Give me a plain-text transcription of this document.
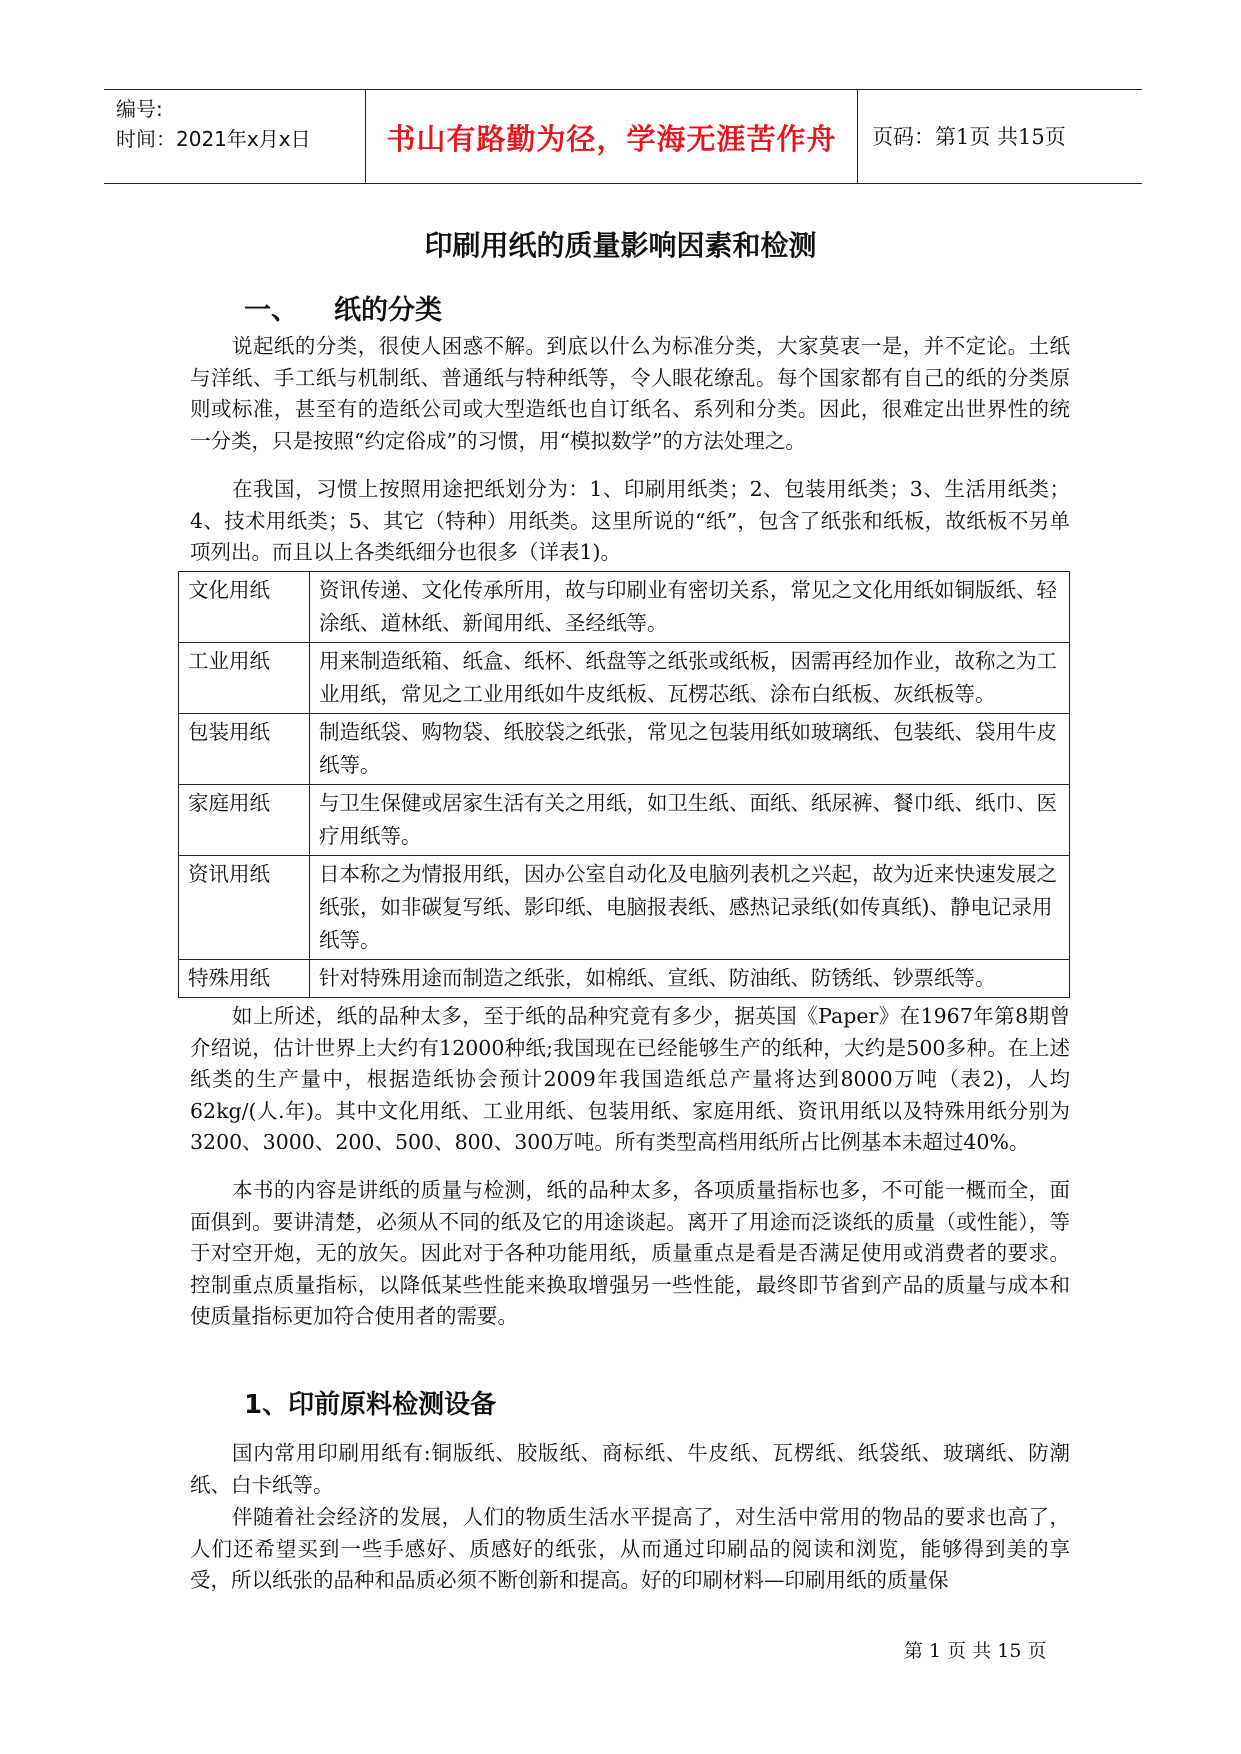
编号:
时间：2021年x月x日	书山有路勤为径，学海无涯苦作舟	页码：第1页 共15页
印刷用纸的质量影响因素和检测
一、 纸的分类

说起纸的分类，很使人困惑不解。到底以什么为标准分类，大家莫衷一是，并不定论。土纸与洋纸、手工纸与机制纸、普通纸与特种纸等，令人眼花缭乱。每个国家都有自己的纸的分类原则或标准，甚至有的造纸公司或大型造纸也自订纸名、系列和分类。因此，很难定出世界性的统一分类，只是按照“约定俗成”的习惯，用“模拟数学”的方法处理之。

在我国，习惯上按照用途把纸划分为：1、印刷用纸类；2、包装用纸类；3、生活用纸类；4、技术用纸类；5、其它（特种）用纸类。这里所说的“纸”，包含了纸张和纸板，故纸板不另单项列出。而且以上各类纸细分也很多（详表1)。

文化用纸	资讯传递、文化传承所用，故与印刷业有密切关系，常见之文化用纸如铜版纸、轻涂纸、道林纸、新闻用纸、圣经纸等。
工业用纸	用来制造纸箱、纸盒、纸杯、纸盘等之纸张或纸板，因需再经加作业，故称之为工业用纸，常见之工业用纸如牛皮纸板、瓦楞芯纸、涂布白纸板、灰纸板等。
包装用纸	制造纸袋、购物袋、纸胶袋之纸张，常见之包装用纸如玻璃纸、包装纸、袋用牛皮纸等。
家庭用纸	与卫生保健或居家生活有关之用纸，如卫生纸、面纸、纸尿裤、餐巾纸、纸巾、医疗用纸等。
资讯用纸	日本称之为情报用纸，因办公室自动化及电脑列表机之兴起，故为近来快速发展之纸张，如非碳复写纸、影印纸、电脑报表纸、感热记录纸(如传真纸)、静电记录用纸等。
特殊用纸	针对特殊用途而制造之纸张，如棉纸、宣纸、防油纸、防锈纸、钞票纸等。

如上所述，纸的品种太多，至于纸的品种究竟有多少，据英国《Paper》在1967年第8期曾介绍说，估计世界上大约有12000种纸;我国现在已经能够生产的纸种，大约是500多种。在上述纸类的生产量中，根据造纸协会预计2009年我国造纸总产量将达到8000万吨（表2)，人均62kg/(人.年)。其中文化用纸、工业用纸、包装用纸、家庭用纸、资讯用纸以及特殊用纸分别为3200、3000、200、500、800、300万吨。所有类型高档用纸所占比例基本未超过40%。

本书的内容是讲纸的质量与检测，纸的品种太多，各项质量指标也多，不可能一概而全，面面俱到。要讲清楚，必须从不同的纸及它的用途谈起。离开了用途而泛谈纸的质量（或性能），等于对空开炮，无的放矢。因此对于各种功能用纸，质量重点是看是否满足使用或消费者的要求。控制重点质量指标，以降低某些性能来换取增强另一些性能，最终即节省到产品的质量与成本和使质量指标更加符合使用者的需要。

1、印前原料检测设备

国内常用印刷用纸有:铜版纸、胶版纸、商标纸、牛皮纸、瓦楞纸、纸袋纸、玻璃纸、防潮纸、白卡纸等。

伴随着社会经济的发展，人们的物质生活水平提高了，对生活中常用的物品的要求也高了，人们还希望买到一些手感好、质感好的纸张，从而通过印刷品的阅读和浏览，能够得到美的享受，所以纸张的品种和品质必须不断创新和提高。好的印刷材料—印刷用纸的质量保

第 1 页 共 15 页
